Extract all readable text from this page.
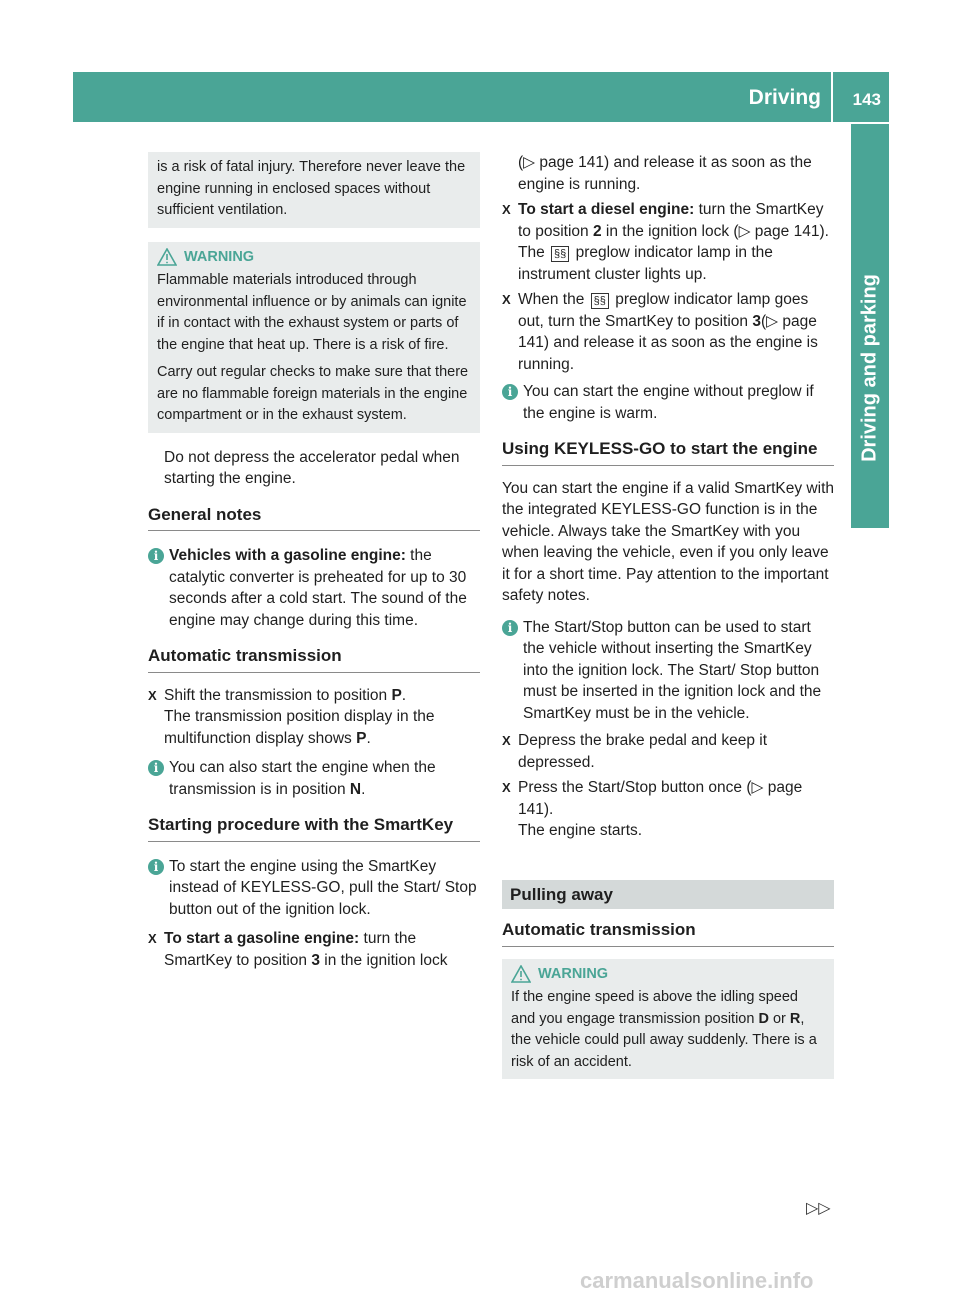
Driving 143
Driving and parking

is a risk of fatal injury. Therefore never leave the engine running in enclosed spaces without sufficient ventilation.

WARNING

Flammable materials introduced through environmental influence or by animals can ignite if in contact with the exhaust system or parts of the engine that heat up. There is a risk of fire.

Carry out regular checks to make sure that there are no flammable foreign materials in the engine compartment or in the exhaust system.

Do not depress the accelerator pedal when starting the engine.

General notes
i Vehicles with a gasoline engine: the catalytic converter is preheated for up to 30 seconds after a cold start. The sound of the engine may change during this time.

Automatic transmission
X Shift the transmission to position P.
The transmission position display in the multifunction display shows P.

i You can also start the engine when the transmission is in position N.

Starting procedure with the SmartKey
i To start the engine using the SmartKey instead of KEYLESS-GO, pull the Start/ Stop button out of the ignition lock.

X To start a gasoline engine: turn the SmartKey to position 3 in the ignition lock

(▷ page 141) and release it as soon as the engine is running.

X To start a diesel engine: turn the SmartKey to position 2 in the ignition lock (▷ page 141).
The §§ preglow indicator lamp in the instrument cluster lights up.

X When the §§ preglow indicator lamp goes out, turn the SmartKey to position 3(▷ page 141) and release it as soon as the engine is running.

i You can start the engine without preglow if the engine is warm.

Using KEYLESS-GO to start the engine

You can start the engine if a valid SmartKey with the integrated KEYLESS-GO function is in the vehicle. Always take the SmartKey with you when leaving the vehicle, even if you only leave it for a short time. Pay attention to the important safety notes.

i The Start/Stop button can be used to start the vehicle without inserting the SmartKey into the ignition lock. The Start/ Stop button must be inserted in the ignition lock and the SmartKey must be in the vehicle.

X Depress the brake pedal and keep it depressed.

X Press the Start/Stop button once (▷ page 141).
The engine starts.

Pulling away
Automatic transmission
WARNING

If the engine speed is above the idling speed and you engage transmission position D or R, the vehicle could pull away suddenly. There is a risk of an accident.

▷▷
carmanualsonline.info
